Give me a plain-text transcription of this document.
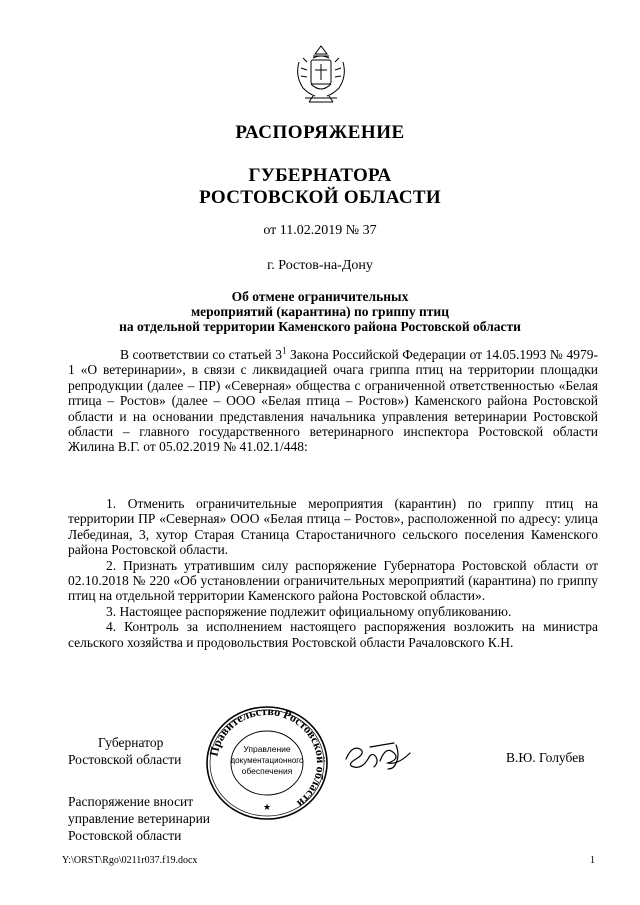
РАСПОРЯЖЕНИЕ
ГУБЕРНАТОРА
РОСТОВСКОЙ ОБЛАСТИ
от 11.02.2019 № 37
г. Ростов-на-Дону
Об отмене ограничительных
мероприятий (карантина) по гриппу птиц
на отдельной территории Каменского района Ростовской области

В соответствии со статьей $3^1$ Закона Российской Федерации от 14.05.1993 № 4979-1 «О ветеринарии», в связи с ликвидацией очага гриппа птиц на территории площадки репродукции (далее – ПР) «Северная» общества с ограниченной ответственностью «Белая птица – Ростов» (далее – ООО «Белая птица – Ростов») Каменского района Ростовской области и на основании представления начальника управления ветеринарии Ростовской области – главного государственного ветеринарного инспектора Ростовской области Жилина В.Г. от 05.02.2019 № 41.02.1/448:

1. Отменить ограничительные мероприятия (карантин) по гриппу птиц на территории ПР «Северная» ООО «Белая птица – Ростов», расположенной по адресу: улица Лебединая, 3, хутор Старая Станица Старостаничного сельского поселения Каменского района Ростовской области.

2. Признать утратившим силу распоряжение Губернатора Ростовской области от 02.10.2018 № 220 «Об установлении ограничительных мероприятий (карантина) по гриппу птиц на отдельной территории Каменского района Ростовской области».

3. Настоящее распоряжение подлежит официальному опубликованию.

4. Контроль за исполнением настоящего распоряжения возложить на министра сельского хозяйства и продовольствия Ростовской области Рачаловского К.Н.

Губернатор
Ростовской области
Правительство Ростовской области
Управление
документационного
обеспечения
★
В.Ю. Голубев
Распоряжение вносит
управление ветеринарии
Ростовской области
Y:\ORST\Rgo\0211r037.f19.docx	1
